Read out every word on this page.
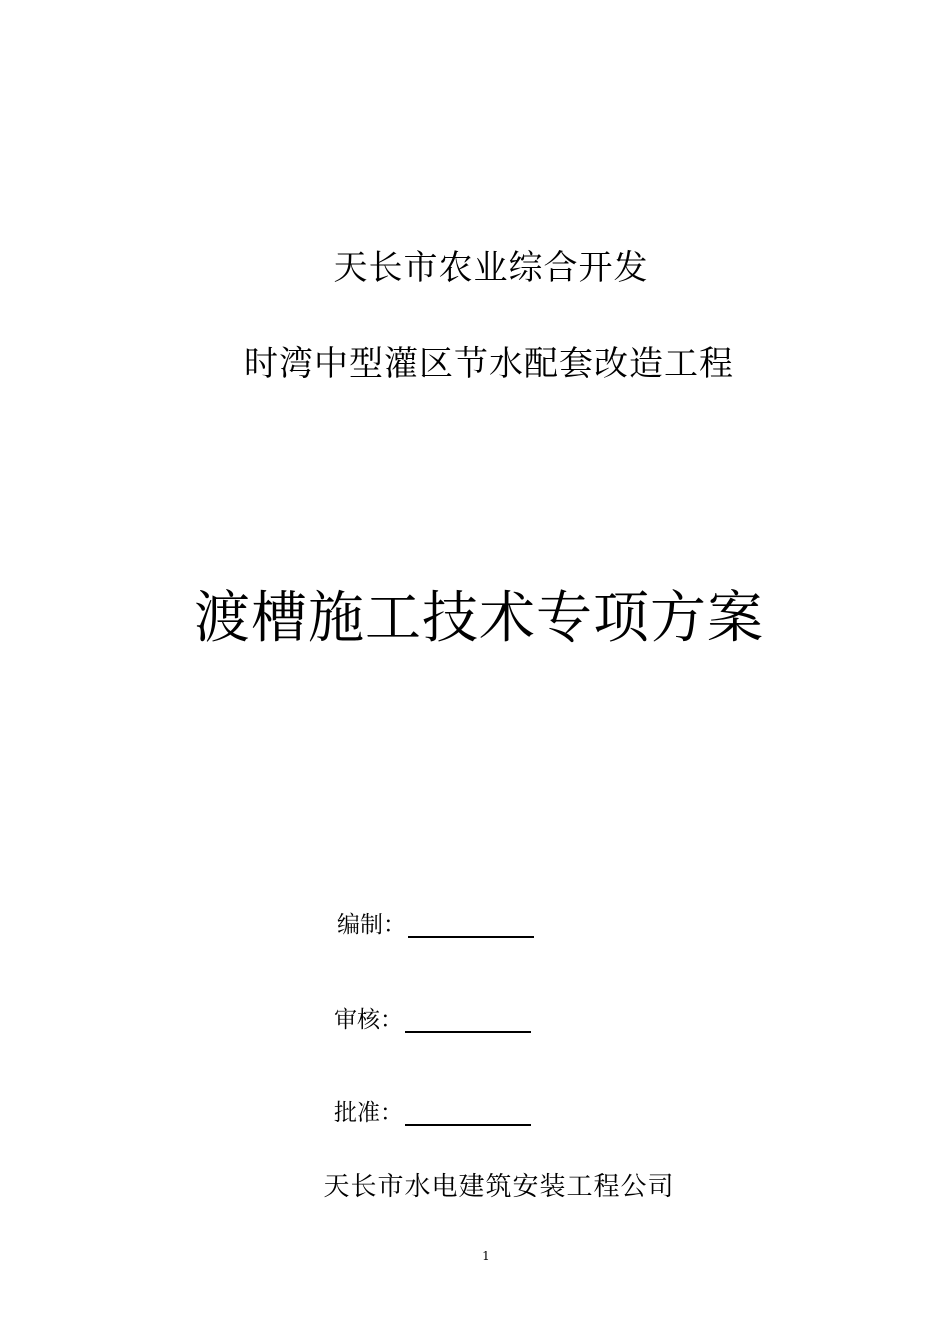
天长市农业综合开发
时湾中型灌区节水配套改造工程
渡槽施工技术专项方案
编制：
审核：
批准：
天长市水电建筑安装工程公司
1
